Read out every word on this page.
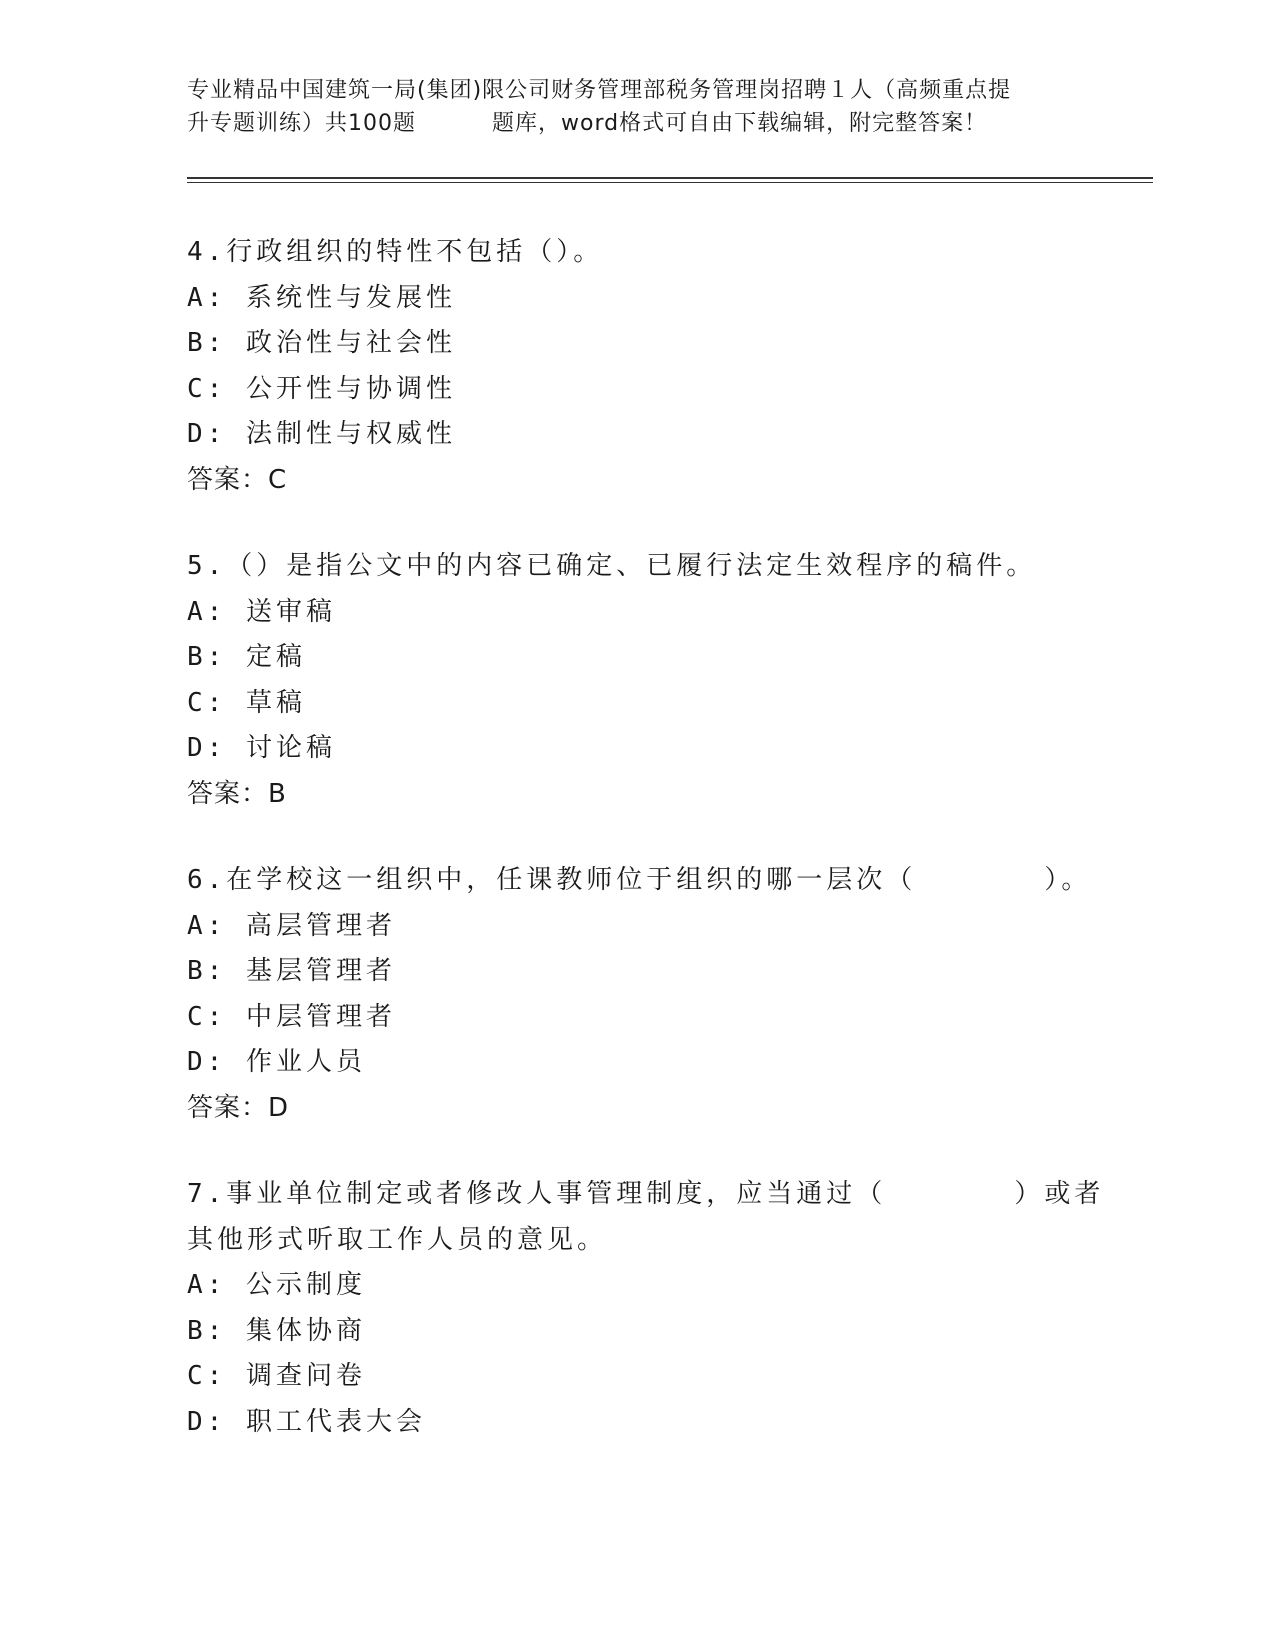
专业精品中国建筑一局(集团)限公司财务管理部税务管理岗招聘１人（高频重点提
升专题训练）共100题	题库，word格式可自由下载编辑，附完整答案！
4.行政组织的特性不包括（）。
A: 系统性与发展性
B: 政治性与社会性
C: 公开性与协调性
D: 法制性与权威性
答案：C
5.（）是指公文中的内容已确定、已履行法定生效程序的稿件。
A: 送审稿
B: 定稿
C: 草稿
D: 讨论稿
答案：B
6.在学校这一组织中，任课教师位于组织的哪一层次（	）。
A: 高层管理者
B: 基层管理者
C: 中层管理者
D: 作业人员
答案：D
7.事业单位制定或者修改人事管理制度，应当通过（	）或者
其他形式听取工作人员的意见。
A: 公示制度
B: 集体协商
C: 调查问卷
D: 职工代表大会
